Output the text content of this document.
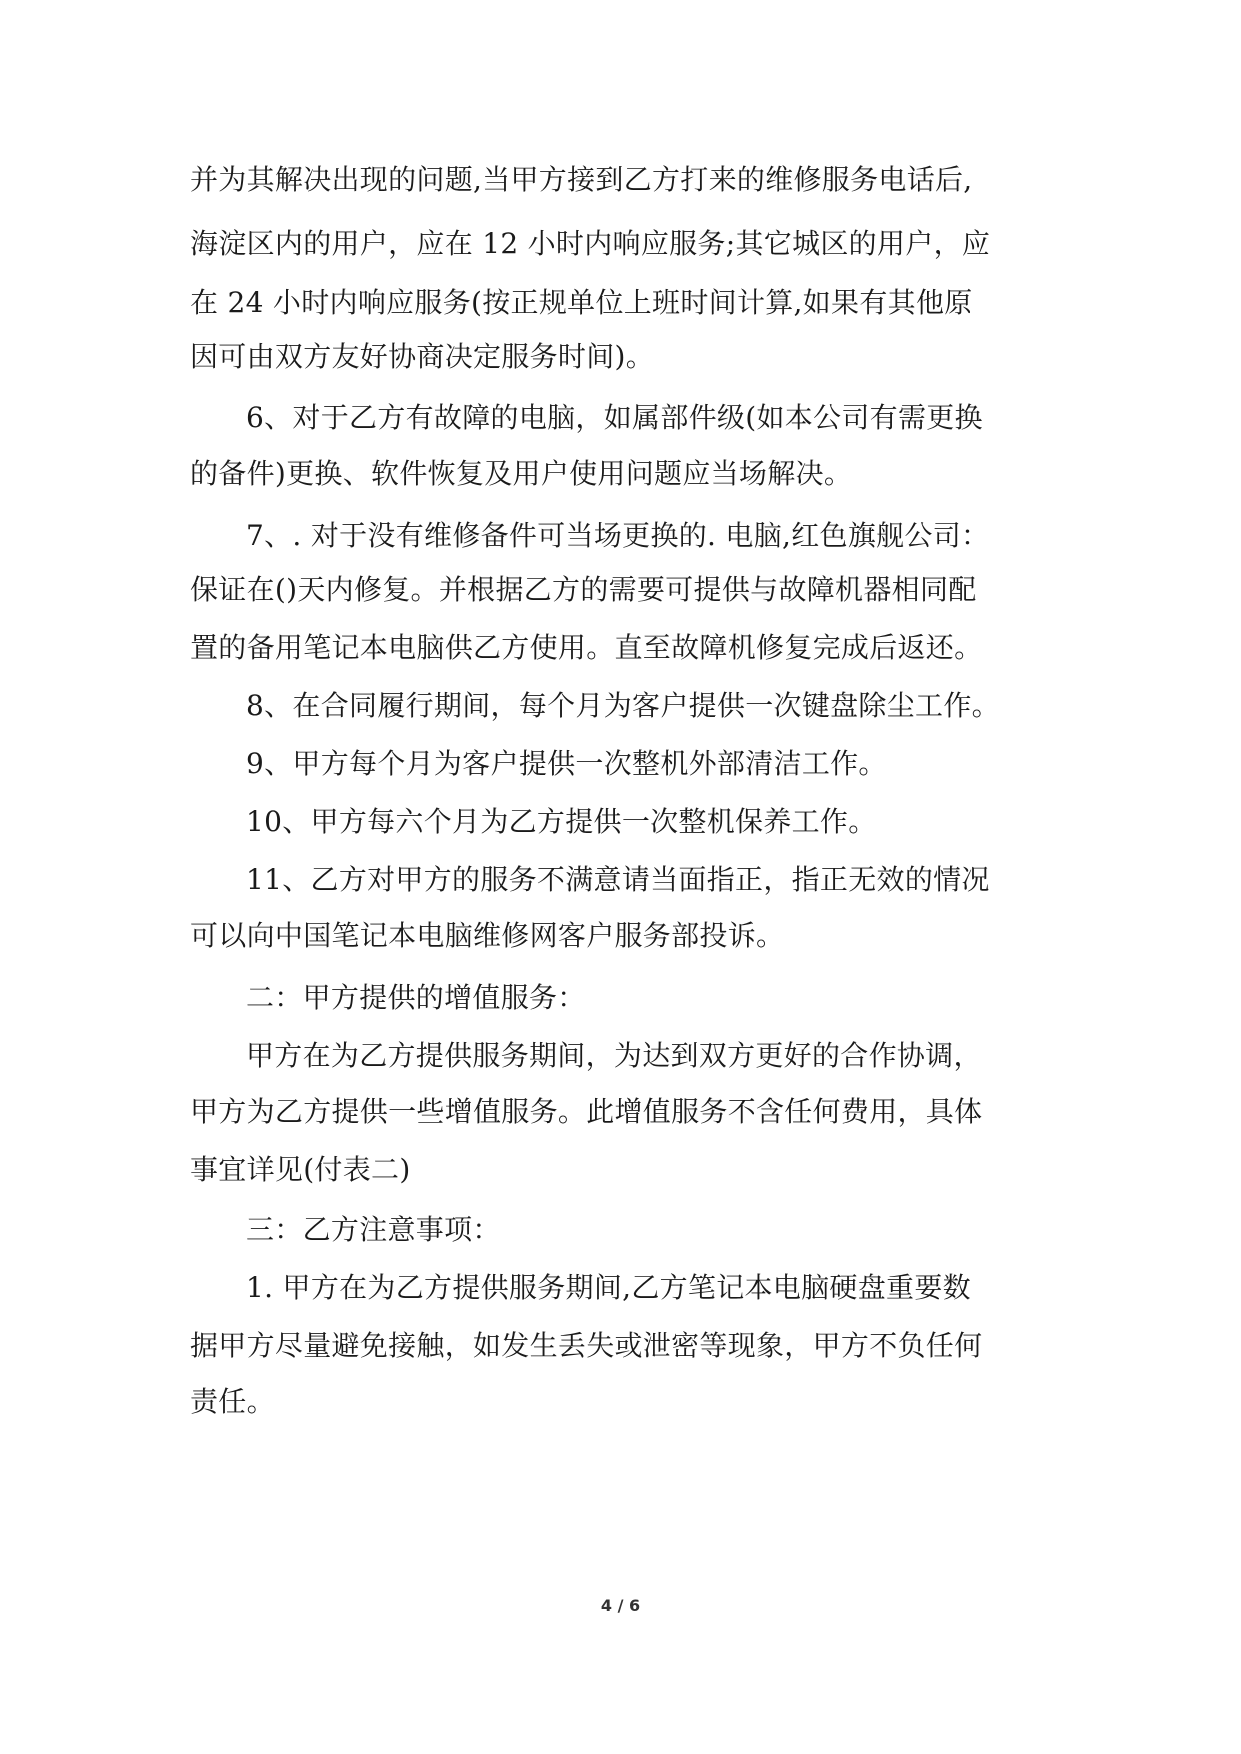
并为其解决出现的问题,当甲方接到乙方打来的维修服务电话后,
海淀区内的用户，应在 12 小时内响应服务;其它城区的用户，应
在 24 小时内响应服务(按正规单位上班时间计算,如果有其他原
因可由双方友好协商决定服务时间)。
6、对于乙方有故障的电脑，如属部件级(如本公司有需更换
的备件)更换、软件恢复及用户使用问题应当场解决。
7、. 对于没有维修备件可当场更换的. 电脑,红色旗舰公司：
保证在()天内修复。并根据乙方的需要可提供与故障机器相同配
置的备用笔记本电脑供乙方使用。直至故障机修复完成后返还。
8、在合同履行期间，每个月为客户提供一次键盘除尘工作。
9、甲方每个月为客户提供一次整机外部清洁工作。
10、甲方每六个月为乙方提供一次整机保养工作。
11、乙方对甲方的服务不满意请当面指正，指正无效的情况
可以向中国笔记本电脑维修网客户服务部投诉。
二：甲方提供的增值服务：
甲方在为乙方提供服务期间，为达到双方更好的合作协调，
甲方为乙方提供一些增值服务。此增值服务不含任何费用，具体
事宜详见(付表二)
三：乙方注意事项：
1. 甲方在为乙方提供服务期间,乙方笔记本电脑硬盘重要数
据甲方尽量避免接触，如发生丢失或泄密等现象，甲方不负任何
责任。
4 / 6
